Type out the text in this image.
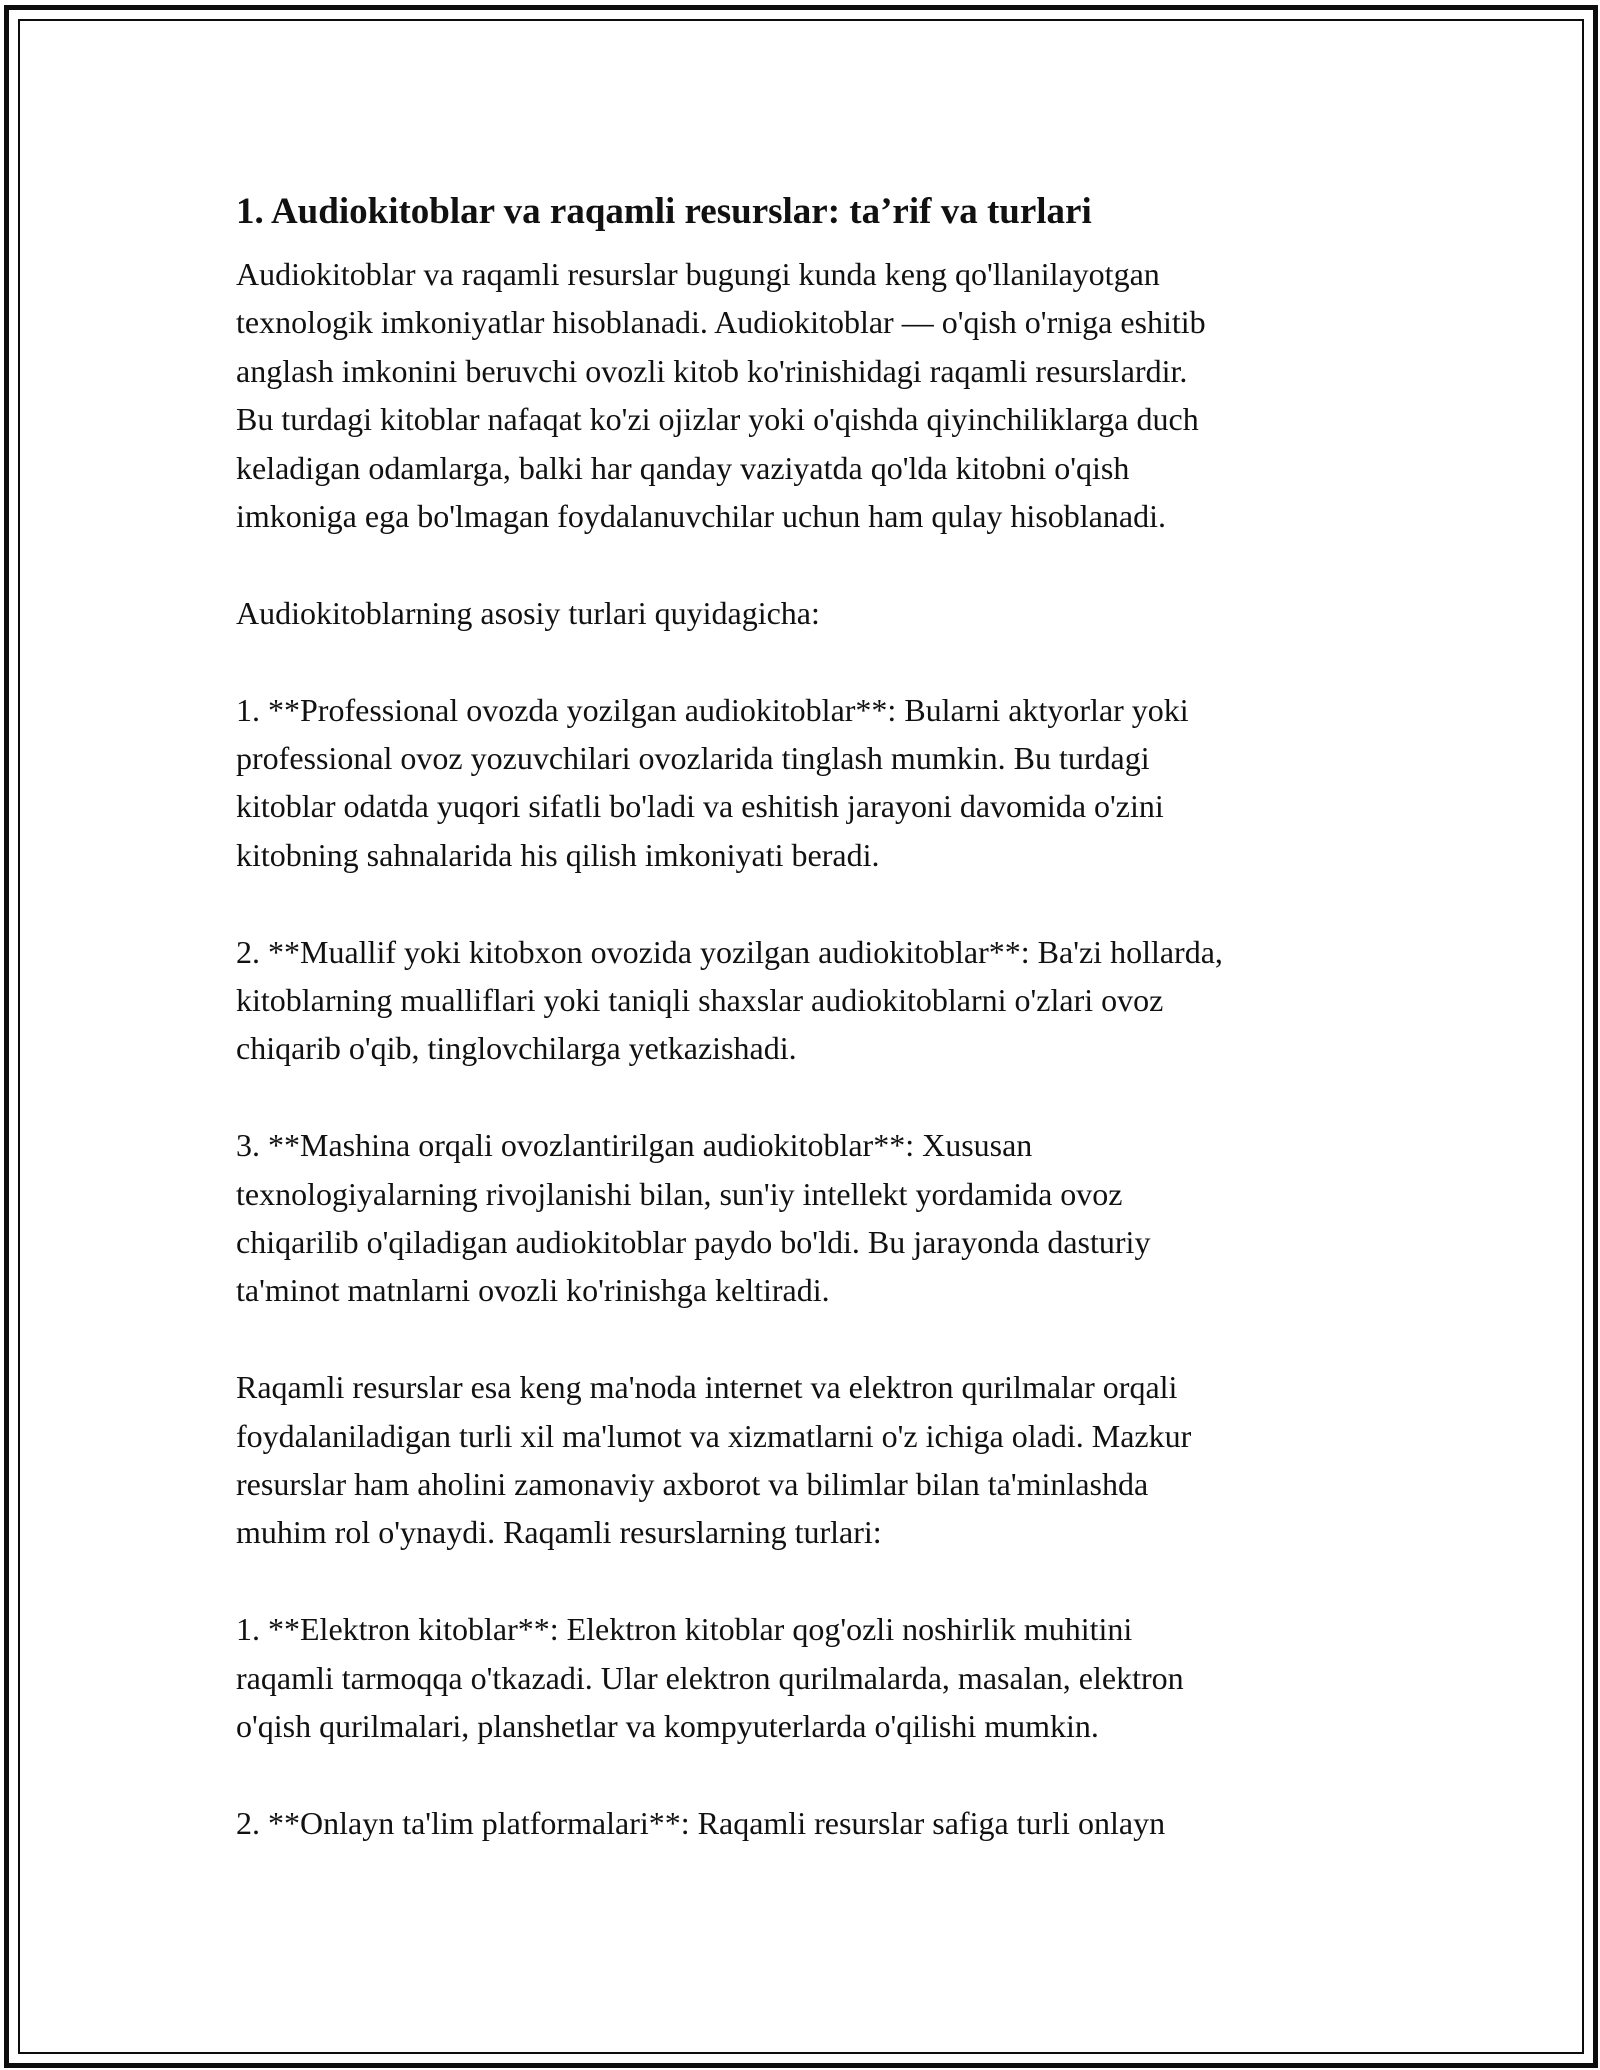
1. Audiokitoblar va raqamli resurslar: ta’rif va turlari

Audiokitoblar va raqamli resurslar bugungi kunda keng qo'llanilayotgan
texnologik imkoniyatlar hisoblanadi. Audiokitoblar — o'qish o'rniga eshitib
anglash imkonini beruvchi ovozli kitob ko'rinishidagi raqamli resurslardir.
Bu turdagi kitoblar nafaqat ko'zi ojizlar yoki o'qishda qiyinchiliklarga duch
keladigan odamlarga, balki har qanday vaziyatda qo'lda kitobni o'qish
imkoniga ega bo'lmagan foydalanuvchilar uchun ham qulay hisoblanadi.

Audiokitoblarning asosiy turlari quyidagicha:

1. **Professional ovozda yozilgan audiokitoblar**: Bularni aktyorlar yoki
professional ovoz yozuvchilari ovozlarida tinglash mumkin. Bu turdagi
kitoblar odatda yuqori sifatli bo'ladi va eshitish jarayoni davomida o'zini
kitobning sahnalarida his qilish imkoniyati beradi.

2. **Muallif yoki kitobxon ovozida yozilgan audiokitoblar**: Ba'zi hollarda,
kitoblarning mualliflari yoki taniqli shaxslar audiokitoblarni o'zlari ovoz
chiqarib o'qib, tinglovchilarga yetkazishadi.

3. **Mashina orqali ovozlantirilgan audiokitoblar**: Xususan
texnologiyalarning rivojlanishi bilan, sun'iy intellekt yordamida ovoz
chiqarilib o'qiladigan audiokitoblar paydo bo'ldi. Bu jarayonda dasturiy
ta'minot matnlarni ovozli ko'rinishga keltiradi.

Raqamli resurslar esa keng ma'noda internet va elektron qurilmalar orqali
foydalaniladigan turli xil ma'lumot va xizmatlarni o'z ichiga oladi. Mazkur
resurslar ham aholini zamonaviy axborot va bilimlar bilan ta'minlashda
muhim rol o'ynaydi. Raqamli resurslarning turlari:

1. **Elektron kitoblar**: Elektron kitoblar qog'ozli noshirlik muhitini
raqamli tarmoqqa o'tkazadi. Ular elektron qurilmalarda, masalan, elektron
o'qish qurilmalari, planshetlar va kompyuterlarda o'qilishi mumkin.

2. **Onlayn ta'lim platformalari**: Raqamli resurslar safiga turli onlayn
